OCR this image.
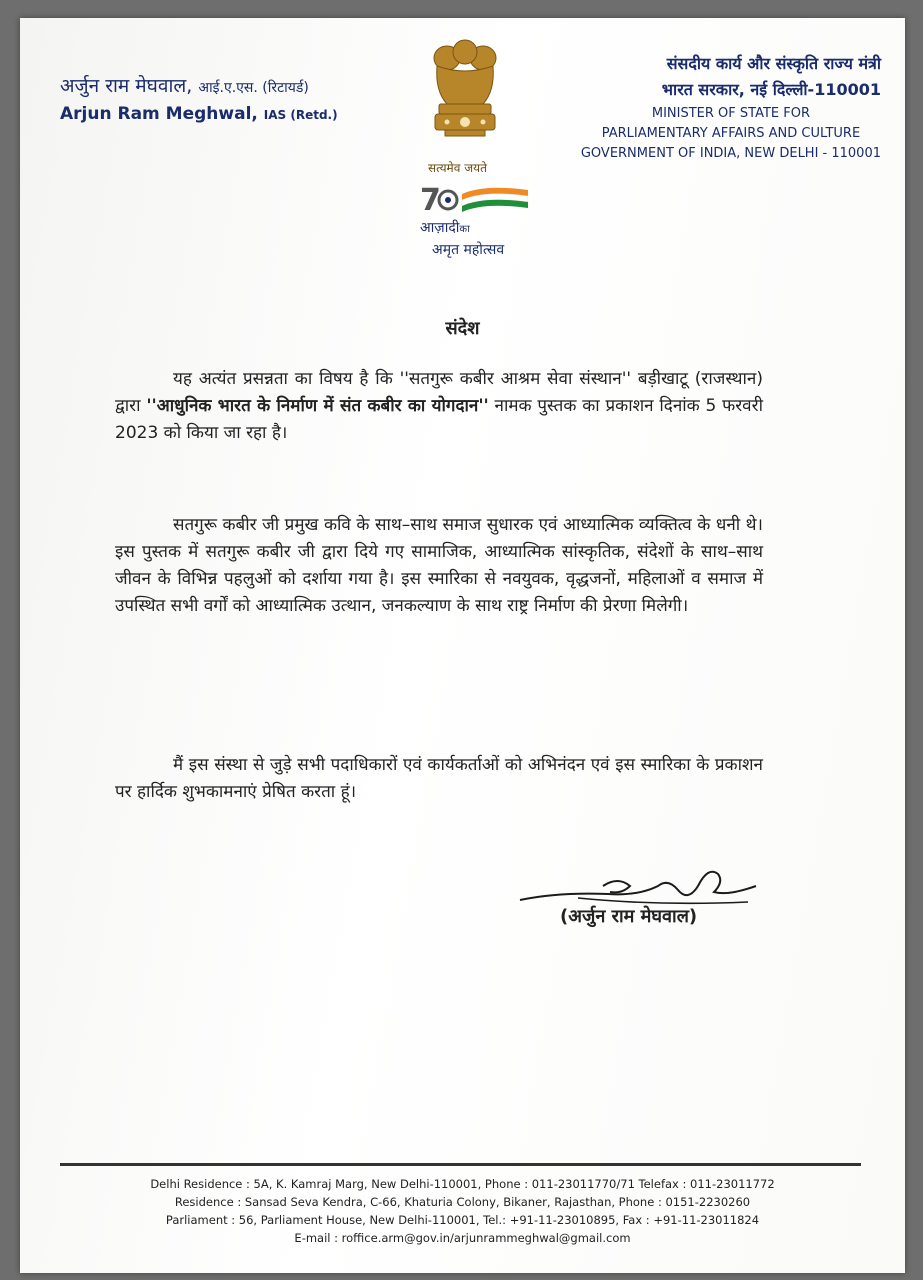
अर्जुन राम मेघवाल, आई.ए.एस. (रिटायर्ड)
Arjun Ram Meghwal, IAS (Retd.)
सत्यमेव जयते
7
आज़ादीका
अमृत महोत्सव
संसदीय कार्य और संस्कृति राज्य मंत्री
भारत सरकार, नई दिल्ली-110001
MINISTER OF STATE FOR
PARLIAMENTARY AFFAIRS AND CULTURE
GOVERNMENT OF INDIA, NEW DELHI - 110001
संदेश
यह अत्यंत प्रसन्नता का विषय है कि ''सतगुरू कबीर आश्रम सेवा संस्थान'' बड़ीखाटू (राजस्थान) द्वारा ''आधुनिक भारत के निर्माण में संत कबीर का योगदान'' नामक पुस्तक का प्रकाशन दिनांक 5 फरवरी 2023 को किया जा रहा है।
सतगुरू कबीर जी प्रमुख कवि के साथ–साथ समाज सुधारक एवं आध्यात्मिक व्यक्तित्व के धनी थे। इस पुस्तक में सतगुरू कबीर जी द्वारा दिये गए सामाजिक, आध्यात्मिक सांस्कृतिक, संदेशों के साथ–साथ जीवन के विभिन्न पहलुओं को दर्शाया गया है। इस स्मारिका से नवयुवक, वृद्धजनों, महिलाओं व समाज में उपस्थित सभी वर्गों को आध्यात्मिक उत्थान, जनकल्याण के साथ राष्ट्र निर्माण की प्रेरणा मिलेगी।
मैं इस संस्था से जुड़े सभी पदाधिकारों एवं कार्यकर्ताओं को अभिनंदन एवं इस स्मारिका के प्रकाशन पर हार्दिक शुभकामनाएं प्रेषित करता हूं।
(अर्जुन राम मेघवाल)
Delhi Residence : 5A, K. Kamraj Marg, New Delhi-110001, Phone : 011-23011770/71 Telefax : 011-23011772
Residence : Sansad Seva Kendra, C-66, Khaturia Colony, Bikaner, Rajasthan, Phone : 0151-2230260
Parliament : 56, Parliament House, New Delhi-110001, Tel.: +91-11-23010895, Fax : +91-11-23011824
E-mail : roffice.arm@gov.in/arjunrammeghwal@gmail.com
